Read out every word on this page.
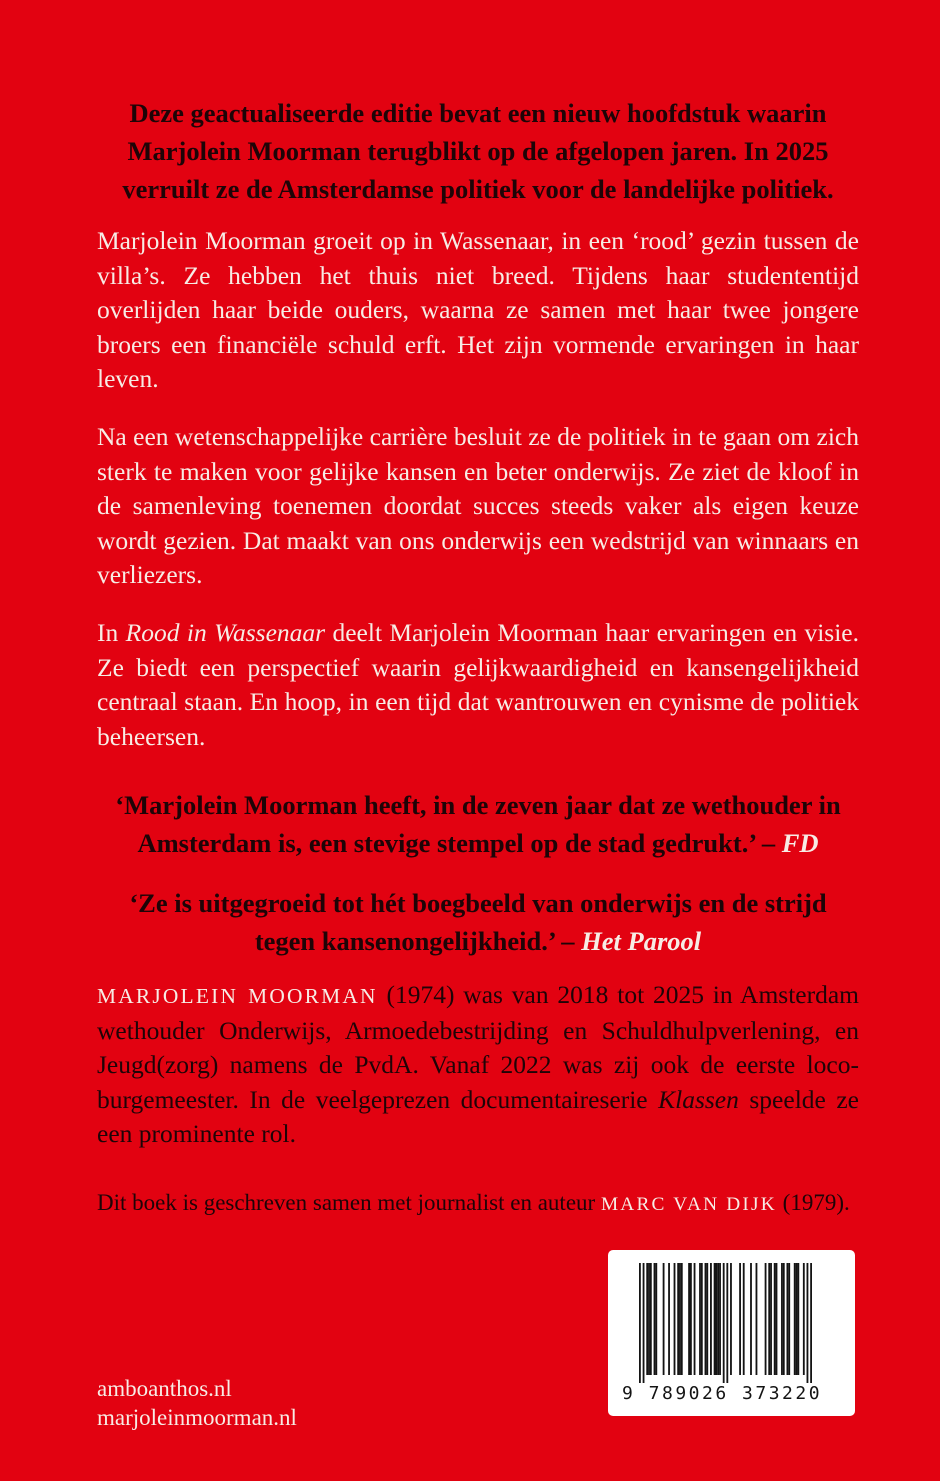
Deze geactualiseerde editie bevat een nieuw hoofdstuk waarin Marjolein Moorman terugblikt op de afgelopen jaren. In 2025 verruilt ze de Amsterdamse politiek voor de landelijke politiek.
Marjolein Moorman groeit op in Wassenaar, in een ‘rood’ gezin tussen de villa’s. Ze hebben het thuis niet breed. Tijdens haar studententijd overlijden haar beide ouders, waarna ze samen met haar twee jongere broers een financiële schuld erft. Het zijn vormende ervaringen in haar leven.
Na een wetenschappelijke carrière besluit ze de politiek in te gaan om zich sterk te maken voor gelijke kansen en beter onderwijs. Ze ziet de kloof in de samenleving toenemen doordat succes steeds vaker als eigen keuze wordt gezien. Dat maakt van ons onderwijs een wedstrijd van winnaars en verliezers.
In Rood in Wassenaar deelt Marjolein Moorman haar ervaringen en visie. Ze biedt een perspectief waarin gelijkwaardigheid en kansengelijkheid centraal staan. En hoop, in een tijd dat wantrouwen en cynisme de politiek beheersen.
‘Marjolein Moorman heeft, in de zeven jaar dat ze wethouder in Amsterdam is, een stevige stempel op de stad gedrukt.’ – FD
‘Ze is uitgegroeid tot hét boegbeeld van onderwijs en de strijd tegen kansenongelijkheid.’ – Het Parool
MARJOLEIN MOORMAN (1974) was van 2018 tot 2025 in Amsterdam wethouder Onderwijs, Armoedebestrijding en Schuldhulpverlening, en Jeugd(zorg) namens de PvdA. Vanaf 2022 was zij ook de eerste locoburgemeester. In de veelgeprezen documentaireserie Klassen speelde ze een prominente rol.
Dit boek is geschreven samen met journalist en auteur MARC VAN DIJK (1979).
amboanthos.nl
marjoleinmoorman.nl
9 789026 373220
